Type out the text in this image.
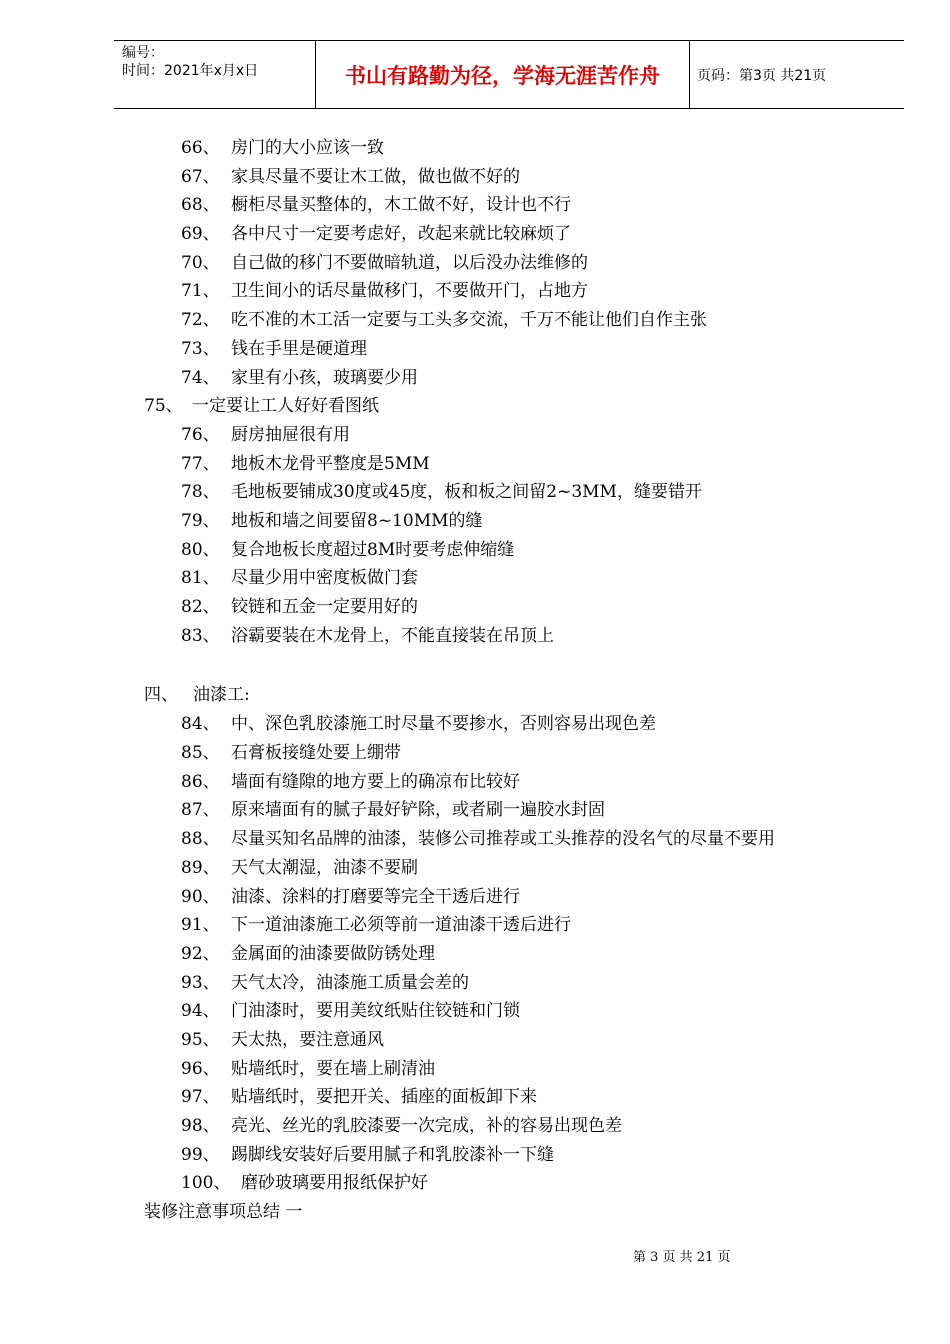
编号：
时间：2021年x月x日	书山有路勤为径，学海无涯苦作舟	页码：第3页 共21页
66、 房门的大小应该一致
67、 家具尽量不要让木工做，做也做不好的
68、 橱柜尽量买整体的，木工做不好，设计也不行
69、 各中尺寸一定要考虑好，改起来就比较麻烦了
70、 自己做的移门不要做暗轨道，以后没办法维修的
71、 卫生间小的话尽量做移门，不要做开门，占地方
72、 吃不准的木工活一定要与工头多交流，千万不能让他们自作主张
73、 钱在手里是硬道理
74、 家里有小孩，玻璃要少用
75、 一定要让工人好好看图纸
76、 厨房抽屉很有用
77、 地板木龙骨平整度是5MM
78、 毛地板要铺成30度或45度，板和板之间留2~3MM，缝要错开
79、 地板和墙之间要留8~10MM的缝
80、 复合地板长度超过8M时要考虑伸缩缝
81、 尽量少用中密度板做门套
82、 铰链和五金一定要用好的
83、 浴霸要装在木龙骨上，不能直接装在吊顶上
四、 油漆工:
84、 中、深色乳胶漆施工时尽量不要掺水，否则容易出现色差
85、 石膏板接缝处要上绷带
86、 墙面有缝隙的地方要上的确凉布比较好
87、 原来墙面有的腻子最好铲除，或者刷一遍胶水封固
88、 尽量买知名品牌的油漆，装修公司推荐或工头推荐的没名气的尽量不要用
89、 天气太潮湿，油漆不要刷
90、 油漆、涂料的打磨要等完全干透后进行
91、 下一道油漆施工必须等前一道油漆干透后进行
92、 金属面的油漆要做防锈处理
93、 天气太冷，油漆施工质量会差的
94、 门油漆时，要用美纹纸贴住铰链和门锁
95、 天太热，要注意通风
96、 贴墙纸时，要在墙上刷清油
97、 贴墙纸时，要把开关、插座的面板卸下来
98、 亮光、丝光的乳胶漆要一次完成，补的容易出现色差
99、 踢脚线安装好后要用腻子和乳胶漆补一下缝
100、 磨砂玻璃要用报纸保护好
装修注意事项总结 一
第 3 页 共 21 页
